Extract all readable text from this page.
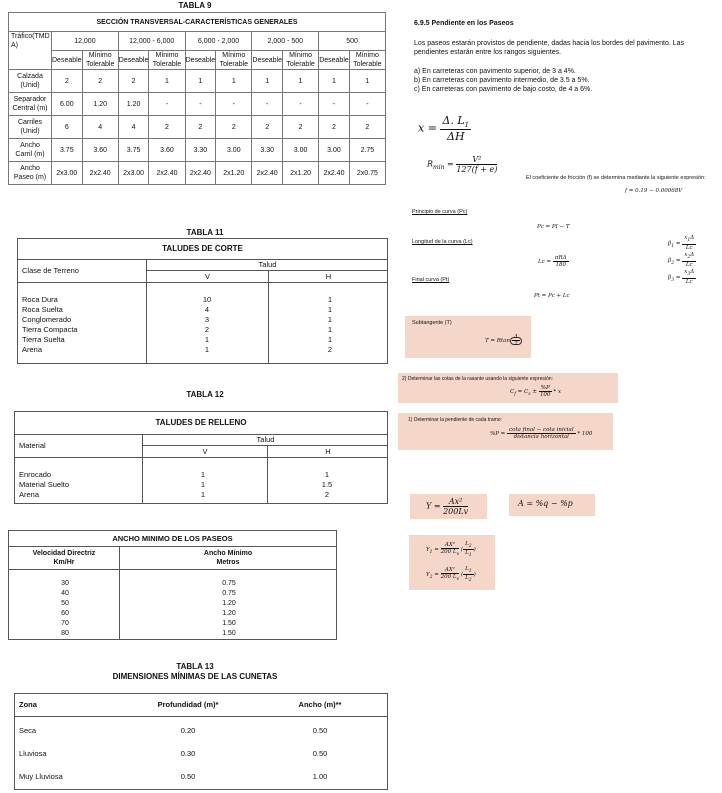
TABLA 9
SECCIÓN TRANSVERSAL-CARACTERÍSTICAS GENERALES										
Tráfico(TMD A)	12,000		12,000 - 6,000		6,000 - 2,000		2,000 - 500		500	
	Deseable	Mínimo Tolerable	Deseable	Mínimo Tolerable	Deseable	Mínimo Tolerable	Deseable	Mínimo Tolerable	Deseable	Mínimo Tolerable
Calzada (Unid)	2	2	2	1	1	1	1	1	1	1
Separador Central (m)	6.00	1.20	1.20	-	-	-	-	-	-	-
Carriles (Unid)	6	4	4	2	2	2	2	2	2	2
Ancho Carril (m)	3.75	3.60	3.75	3.60	3.30	3.00	3.30	3.00	3.00	2.75
Ancho Paseo (m)	2x3.00	2x2.40	2x3.00	2x2.40	2x2.40	2x1.20	2x2.40	2x1.20	2x2.40	2x0.75
TABLA 11
TALUDES DE CORTE
Clase de Terreno
Talud
V	H
Roca Dura	10	1
Roca Suelta	4	1
Conglomerado	3	1
Tierra Compacta	2	1
Tierra Suelta	1	1
Arena	1	2
TABLA 12
TALUDES DE RELLENO
Material
Talud
V	H
Enrocado	1	1
Material Suelto	1	1.5
Arena	1	2
ANCHO MINIMO DE LOS PASEOS
Velocidad Directriz
Km/Hr
Ancho Mínimo
Metros
30	0.75
40	0.75
50	1.20
60	1.20
70	1.50
80	1.50
TABLA 13
DIMENSIONES MÍNIMAS DE LAS CUNETAS
Zona	Profundidad (m)*	Ancho (m)**
Seca	0.20	0.50
Lluviosa	0.30	0.50
Muy Lluviosa	0.50	1.00
6.9.5 Pendiente en los Paseos
Los paseos estarán provistos de pendiente, dadas hacia los bordes del pavimento. Las pendientes estarán entre los rangos siguientes.
a) En carreteras con pavimento superior, de 3 a 4%.
b) En carreteras con pavimento intermedio, de 3.5 a 5%.
c) En carreteras con pavimento de bajo costo, de 4 a 6%.
$x = \frac{\Delta. L_1}{\Delta H}$
$R_{min} = \frac{\text{V²}}{127(f + e)}$
El coeficiente de fricción (f) se determina mediante la siguiente expresión:
f = 0.19 − 0.00068V
Principio de curva (Pc)
Pc = PI − T
Longitud de la curva (Lc)
$Lc = \frac{\text{πRΔ}}{180}$
$\beta_1 = \frac{x_1\Delta}{Lc}$
$\beta_2 = \frac{x_2\Delta}{Lc}$
$\beta_3 = \frac{x_3\Delta}{Lc}$
Final curva (Pt)
Pt = Pc + Lc
Subtangente (T)
T = Rtan $\frac{\Delta}{2}$
2) Determinar las cotas de la rasante usando la siguiente expresión:
$C_f = C_s \pm \frac{\%P}{100} * x$
1) Determinar la pendiente de cada tramo:
$\%P = \frac{\text{cota final − cota inicial}}{\text{distancia horizontal}} * 100$
$Y = \frac{\text{Ax²}}{200Lv}$	A = %q − %p
$Y_1 = \frac{\text{AX²}}{200 L_v}$ ( $\frac{L_2}{L_1}$ )
$Y_2 = \frac{\text{AX²}}{200 L_v}$ ( $\frac{L_1}{L_2}$ )
